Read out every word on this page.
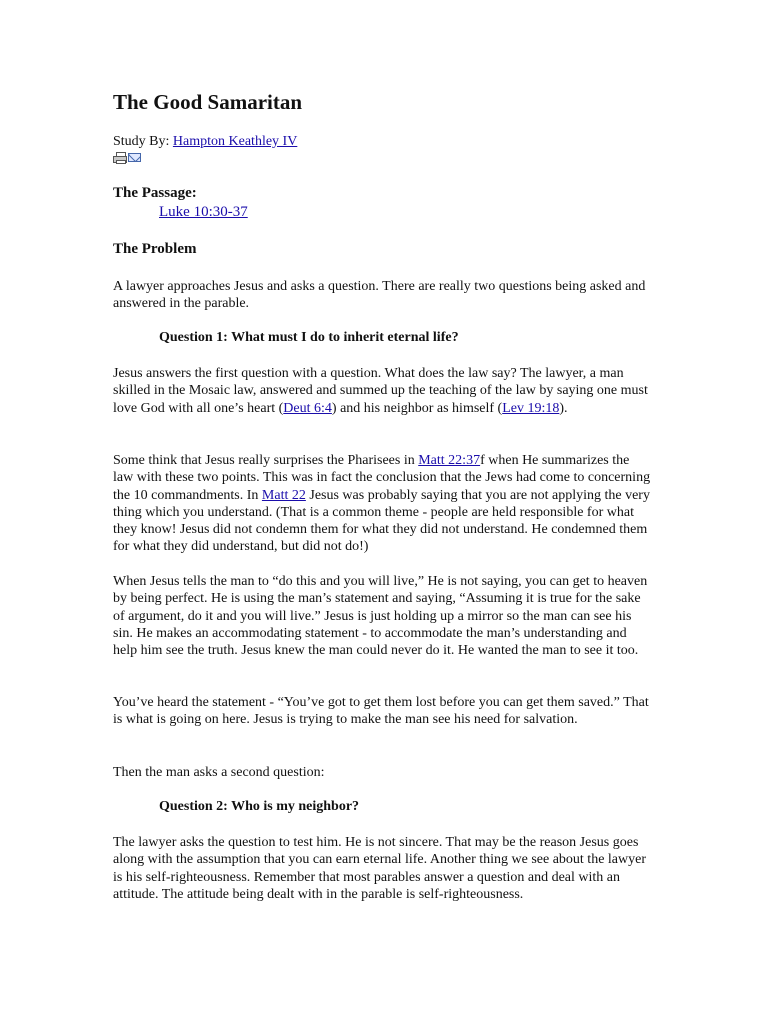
The Good Samaritan
Study By: Hampton Keathley IV
The Passage:
Luke 10:30-37
The Problem

A lawyer approaches Jesus and asks a question. There are really two questions being asked and answered in the parable.

Question 1: What must I do to inherit eternal life?

Jesus answers the first question with a question. What does the law say? The lawyer, a man skilled in the Mosaic law, answered and summed up the teaching of the law by saying one must love God with all one’s heart (Deut 6:4) and his neighbor as himself (Lev 19:18).

Some think that Jesus really surprises the Pharisees in Matt 22:37f when He summarizes the law with these two points. This was in fact the conclusion that the Jews had come to concerning the 10 commandments. In Matt 22 Jesus was probably saying that you are not applying the very thing which you understand. (That is a common theme - people are held responsible for what they know! Jesus did not condemn them for what they did not understand. He condemned them for what they did understand, but did not do!)

When Jesus tells the man to “do this and you will live,” He is not saying, you can get to heaven by being perfect. He is using the man’s statement and saying, “Assuming it is true for the sake of argument, do it and you will live.” Jesus is just holding up a mirror so the man can see his sin. He makes an accommodating statement - to accommodate the man’s understanding and help him see the truth. Jesus knew the man could never do it. He wanted the man to see it too.

You’ve heard the statement - “You’ve got to get them lost before you can get them saved.” That is what is going on here. Jesus is trying to make the man see his need for salvation.

Then the man asks a second question:

Question 2: Who is my neighbor?

The lawyer asks the question to test him. He is not sincere. That may be the reason Jesus goes along with the assumption that you can earn eternal life. Another thing we see about the lawyer is his self-righteousness. Remember that most parables answer a question and deal with an attitude. The attitude being dealt with in the parable is self-righteousness.
